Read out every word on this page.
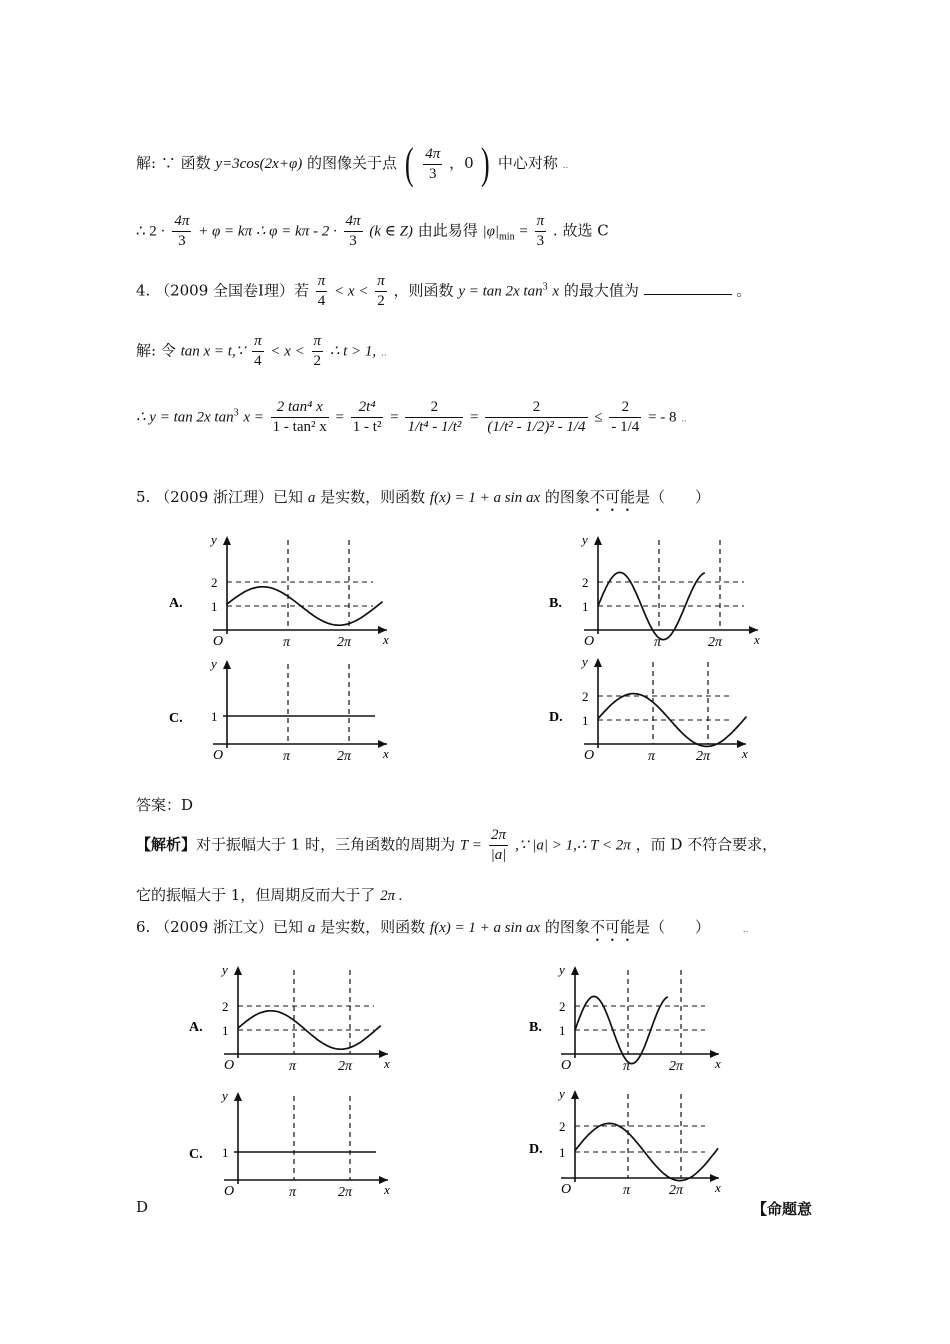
解: ∵ 函数 y=3cos(2x+φ) 的图像关于点 ( $\frac{4\pi}{3}$ ，0 ) 中心对称 ..
∴ $2 \cdot \frac{4\pi}{3} + \varphi = k\pi$ ∴ $\varphi = k\pi - 2 \cdot \frac{4\pi}{3} (k$ ∈ Z) 由此易得 $|\varphi|_{min} = \frac{\pi}{3}$ . 故选 C
4. （2009 全国卷Ⅰ理）若 $\frac{\pi}{4} < x < \frac{\pi}{2}$ ，则函数 y = tan 2x $\tan^3 x$ 的最大值为	。
解: 令 tan x = t,∵ $\frac{\pi}{4} < x < \frac{\pi}{2}$ ∴ t > 1, ..
∴ y = tan 2x $\tan^3 x = \frac{\text{2 tan⁴ x}}{\text{1 - tan² x}} = \frac{\text{2t⁴}}{\text{1 - t²}} = \frac{2}{\text{1/t⁴ - 1/t²}} = \frac{2}{\text{(1/t² - 1/2)² - 1/4}} \le \frac{2}{- 1/4}$ = - 8 ..
5. （2009 浙江理）已知 a 是实数，则函数 f(x) = 1 + a sin ax 的图象不可能是（　　）
A.
y
x
O	π	2π
1
2
B.
y
x
O	π	2π
1
2
C.
y
x
O	π	2π
1	D.
y
x
O	π	2π
1
2
答案：D
【解析】对于振幅大于 1 时，三角函数的周期为 $T = \frac{2\pi}{|a|}$ ,∵ |a| > 1,∴ T < 2π ，而 D 不符合要求，
它的振幅大于 1，但周期反而大于了 2π .
6. （2009 浙江文）已知 a 是实数，则函数 f(x) = 1 + a sin ax 的图象不可能是（　　）	..
A.
y
x
O	π	2π
1
2
B.
y
x
O	π	2π
1
2
C.
y
x
O	π	2π
1	D.
y
x
O	π	2π
1
2
D	【命题意
